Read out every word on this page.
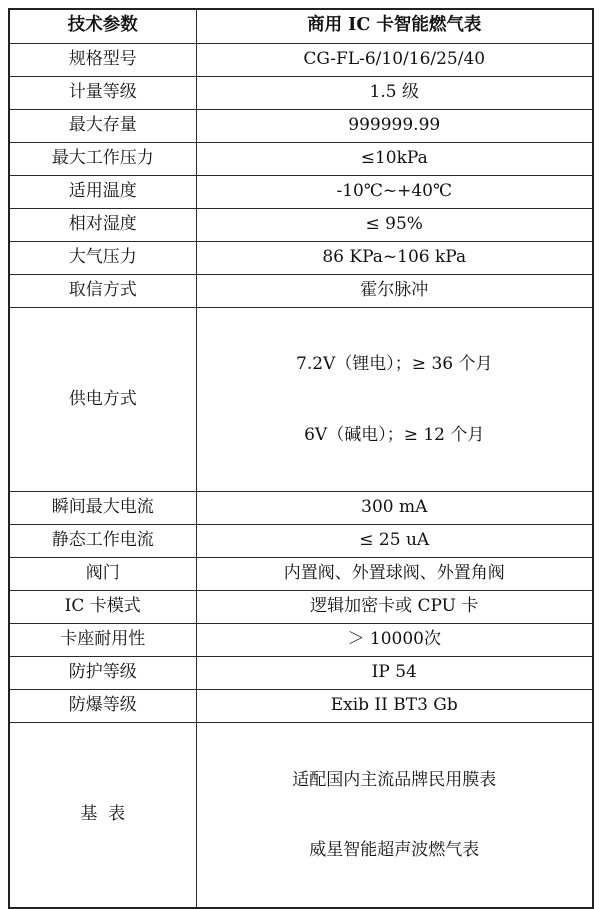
技术参数	商用 IC 卡智能燃气表
规格型号	CG-FL-6/10/16/25/40
计量等级	1.5 级
最大存量	999999.99
最大工作压力	≤10kPa
适用温度	-10℃~+40℃
相对湿度	≤ 95%
大气压力	86 KPa~106 kPa
取信方式	霍尔脉冲
供电方式	7.2V（锂电）；≥ 36 个月

6V（碱电）；≥ 12 个月

瞬间最大电流	300 mA
静态工作电流	≤ 25 uA
阀门	内置阀、外置球阀、外置角阀
IC 卡模式	逻辑加密卡或 CPU 卡
卡座耐用性	＞ 10000次
防护等级	IP 54
防爆等级	Exib II BT3 Gb
基  表	适配国内主流品牌民用膜表

威星智能超声波燃气表
